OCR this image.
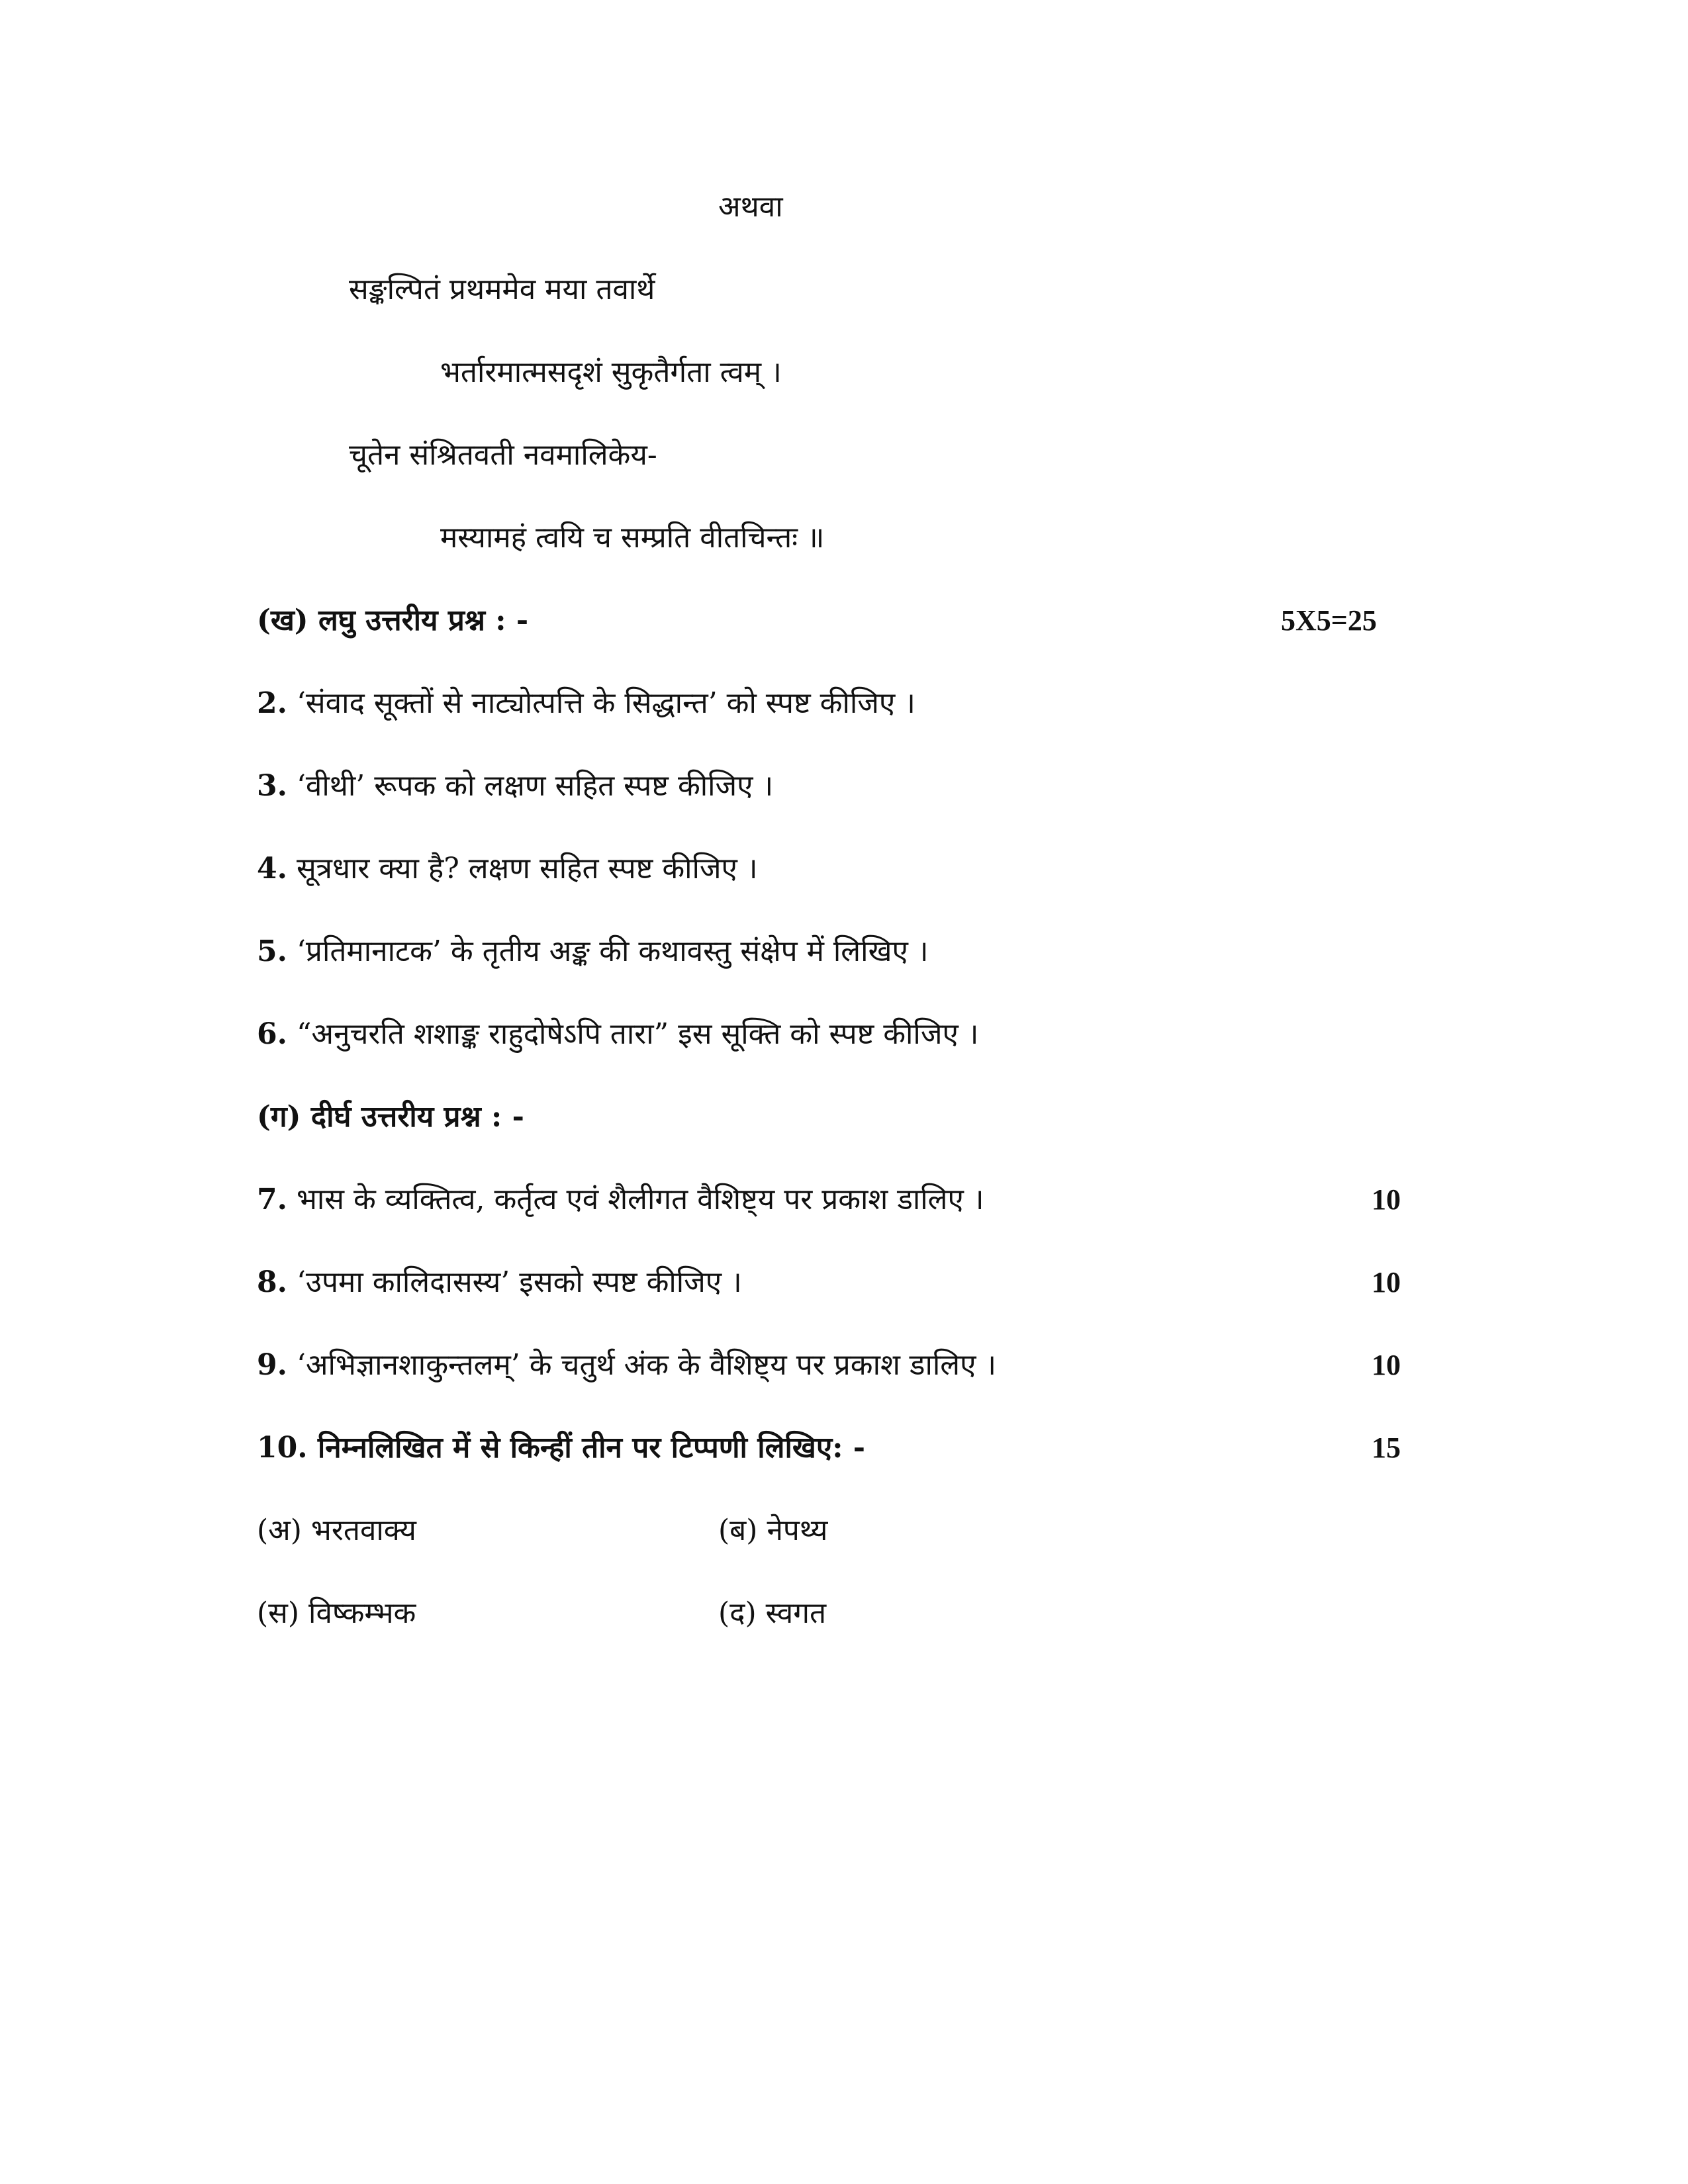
अथवा
सङ्कल्पितं प्रथममेव मया तवार्थे
भर्तारमात्मसदृशं सुकृतैर्गता त्वम् ।
चूतेन संश्रितवती नवमालिकेय-
मस्यामहं त्वयि च सम्प्रति वीतचिन्तः ॥
(ख) लघु उत्तरीय प्रश्न : -	5X5=25
2. ‘संवाद सूक्तों से नाट्योत्पत्ति के सिद्धान्त’ को स्पष्ट कीजिए ।
3. ‘वीथी’ रूपक को लक्षण सहित स्पष्ट कीजिए ।
4. सूत्रधार क्या है? लक्षण सहित स्पष्ट कीजिए ।
5. ‘प्रतिमानाटक’ के तृतीय अङ्क की कथावस्तु संक्षेप में लिखिए ।
6. “अनुचरति शशाङ्क राहुदोषेऽपि तारा” इस सूक्ति को स्पष्ट कीजिए ।
(ग) दीर्घ उत्तरीय प्रश्न : -
7. भास के व्यक्तित्व, कर्तृत्व एवं शैलीगत वैशिष्ट्य पर प्रकाश डालिए ।	10
8. ‘उपमा कालिदासस्य’ इसको स्पष्ट कीजिए ।	10
9. ‘अभिज्ञानशाकुन्तलम्’ के चतुर्थ अंक के वैशिष्ट्य पर प्रकाश डालिए ।	10
10. निम्नलिखित में से किन्हीं तीन पर टिप्पणी लिखिए: -	15
(अ) भरतवाक्य	(ब) नेपथ्य
(स) विष्कम्भक	(द) स्वगत
